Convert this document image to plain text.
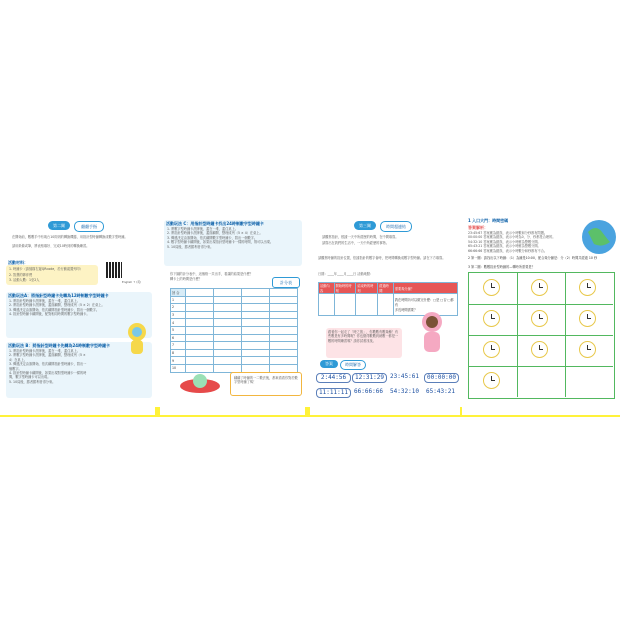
第二關	翻翻手指
在開始前，數數手中有幾台10即到的轉換機器，用指計型時鐘轉換成數字型時鐘。
請用紙條或筆，將表格填好、完成10時到的轉換練習。
活動材料：
1. 時鐘卡（請掃描右邊QRcode，於行動裝置列印）
2. 智慧的夥伴們
3. 活動人數：1至2人
English ↑ (英)
活動玩法A：將指針型時鐘卡先轉為12時制數字型時鐘卡
1. 將指針型時鐘卡洗牌後，蓋在一堆，蓋住桌上。
2. 將指針型時鐘卡洗牌後，蓋面翻開，整理成列（5 × 2）在桌上。
3. 傳遞決定由誰開始，依次翻開指針型時鐘卡，寫出一個數字。
4. 指針型時鐘卡翻開後，配對相同時間的數字型時鐘卡。
活動玩法 B：將指針型時鐘卡先轉為24時制數字型時鐘卡
1. 將指針型時鐘卡洗牌後，蓋在一堆，蓋住桌上。
2. 將數字型時鐘卡洗牌後，蓋面翻開，整理成列（5 × 4）在桌上。
3. 傳遞決定由誰開始，依次翻開指針型時鐘卡，寫出一個數字。
4. 指針型時鐘卡翻開後，如果出現對型時鐘卡一樣的時間，數字型時鐘卡可以出現。
5. 10局後，勝者勝利者得分來。
活動玩法 C：用指計型時鐘卡找出24時制數字型時鐘卡
1. 將數字型時鐘卡洗牌後，蓋在一堆，蓋住桌上。
2. 將指針型時鐘卡洗牌後，蓋面翻開，整理成列（5 × 4）在桌上。
3. 傳遞決定由誰開始，依次翻開數字型時鐘卡，寫出一個數字。
4. 數字型時鐘卡翻開後，如果出現指針型時鐘卡一樣的時間，則可以出現。
5. 10局後，勝者勝利者得分來。
你下圖的計分表中，這個格一共出手，看讓的結果是什麼？
轉卡上的時間是什麼？
計分表
回 合				
1				
2				
3				
4				
5				
6				
7				
8				
9				
10				
翻翻了時鐘的一二數法後，都來看看你對於數字型時鐘了嗎！
第三關	時間超連結
請觀察指針，根據一天中所經歷的時間，在中間填寫。
請寫出在我們的生活中，一天中所經歷的事物。
請觀察時鐘的指針位置，依據指針的數字會時，把時間轉換成數字型時鐘。請在下方填寫。
日期：____年____月____日 活動地點：
活動內容	開始時的時刻	結束時的時刻	經過時間	需要幾分鐘？
				我在時間內可以做完什麼：□是 □否 □都有
多長時間需要？
跟著你一起走了「時之旅」，你數數有數幾種！有些數是有多時間呢？你也覺得數數到就數一都是一數的時間練習嗎？請你試著找找。
答案	時間解答
2:44:56	12:31:29	23:45:61	00:00:00
11:11:11	66:66:66	54:32:10	65:43:21
1 入口大門：時間密碼
答案解析：
23:45:67 答案應為錯誤，表示小時數和分秒都有問題。
00:00:00 答案應為錯誤，表示小時為0，分、秒都是合理的。
54:32:10 答案應為錯誤，表示小時應為整數分開。
65:43:21 答案應為錯誤，表示小時應為整數分開。
66:66:66 答案應為錯誤，表示小時數分和秒都有不合。
2 第一關：請找出以下時鐘：（1）為鐘是10:00，配合幾分鐘是：分（2）時間共經過 10 秒
3 第二關：數數指針型時鐘的—轉時所需要是？
